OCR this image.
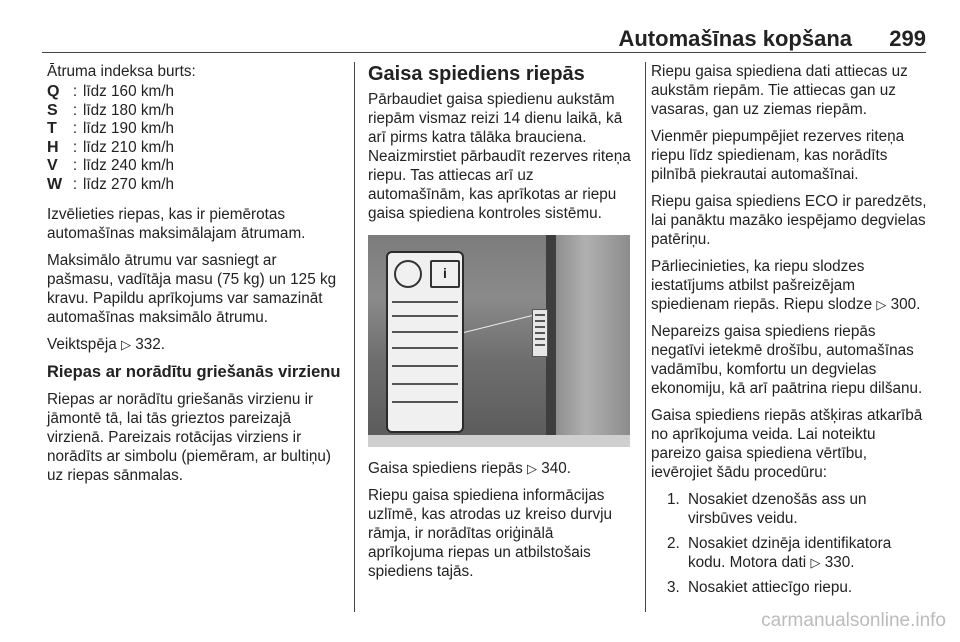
Automašīnas kopšana 299

Ātruma indeksa burts:

Q	:	līdz 160 km/h
S	:	līdz 180 km/h
T	:	līdz 190 km/h
H	:	līdz 210 km/h
V	:	līdz 240 km/h
W	:	līdz 270 km/h

Izvēlieties riepas, kas ir piemērotas automašīnas maksimālajam ātrumam.

Maksimālo ātrumu var sasniegt ar pašmasu, vadītāja masu (75 kg) un 125 kg kravu. Papildu aprīkojums var samazināt automašīnas maksimālo ātrumu.

Veiktspēja ▷ 332.

Riepas ar norādītu griešanās virzienu

Riepas ar norādītu griešanās virzienu ir jāmontē tā, lai tās grieztos pareizajā virzienā. Pareizais rotācijas virziens ir norādīts ar simbolu (piemēram, ar bultiņu) uz riepas sānmalas.

Gaisa spiediens riepās

Pārbaudiet gaisa spiedienu aukstām riepām vismaz reizi 14 dienu laikā, kā arī pirms katra tālāka brauciena. Neaizmirstiet pārbaudīt rezerves riteņa riepu. Tas attiecas arī uz automašīnām, kas aprīkotas ar riepu gaisa spiediena kontroles sistēmu.

i

Gaisa spiediens riepās ▷ 340.

Riepu gaisa spiediena informācijas uzlīmē, kas atrodas uz kreiso durvju rāmja, ir norādītas oriģinālā aprīkojuma riepas un atbilstošais spiediens tajās.

Riepu gaisa spiediena dati attiecas uz aukstām riepām. Tie attiecas gan uz vasaras, gan uz ziemas riepām.

Vienmēr piepumpējiet rezerves riteņa riepu līdz spiedienam, kas norādīts pilnībā piekrautai automašīnai.

Riepu gaisa spiediens ECO ir paredzēts, lai panāktu mazāko iespējamo degvielas patēriņu.

Pārliecinieties, ka riepu slodzes iestatījums atbilst pašreizējam spiedienam riepās. Riepu slodze ▷ 300.

Nepareizs gaisa spiediens riepās negatīvi ietekmē drošību, automašīnas vadāmību, komfortu un degvielas ekonomiju, kā arī paātrina riepu dilšanu.

Gaisa spiediens riepās atšķiras atkarībā no aprīkojuma veida. Lai noteiktu pareizo gaisa spiediena vērtību, ievērojiet šādu procedūru:

1. Nosakiet dzenošās ass un virsbūves veidu.
2. Nosakiet dzinēja identifikatora kodu. Motora dati ▷ 330.
3. Nosakiet attiecīgo riepu.
carmanualsonline.info
